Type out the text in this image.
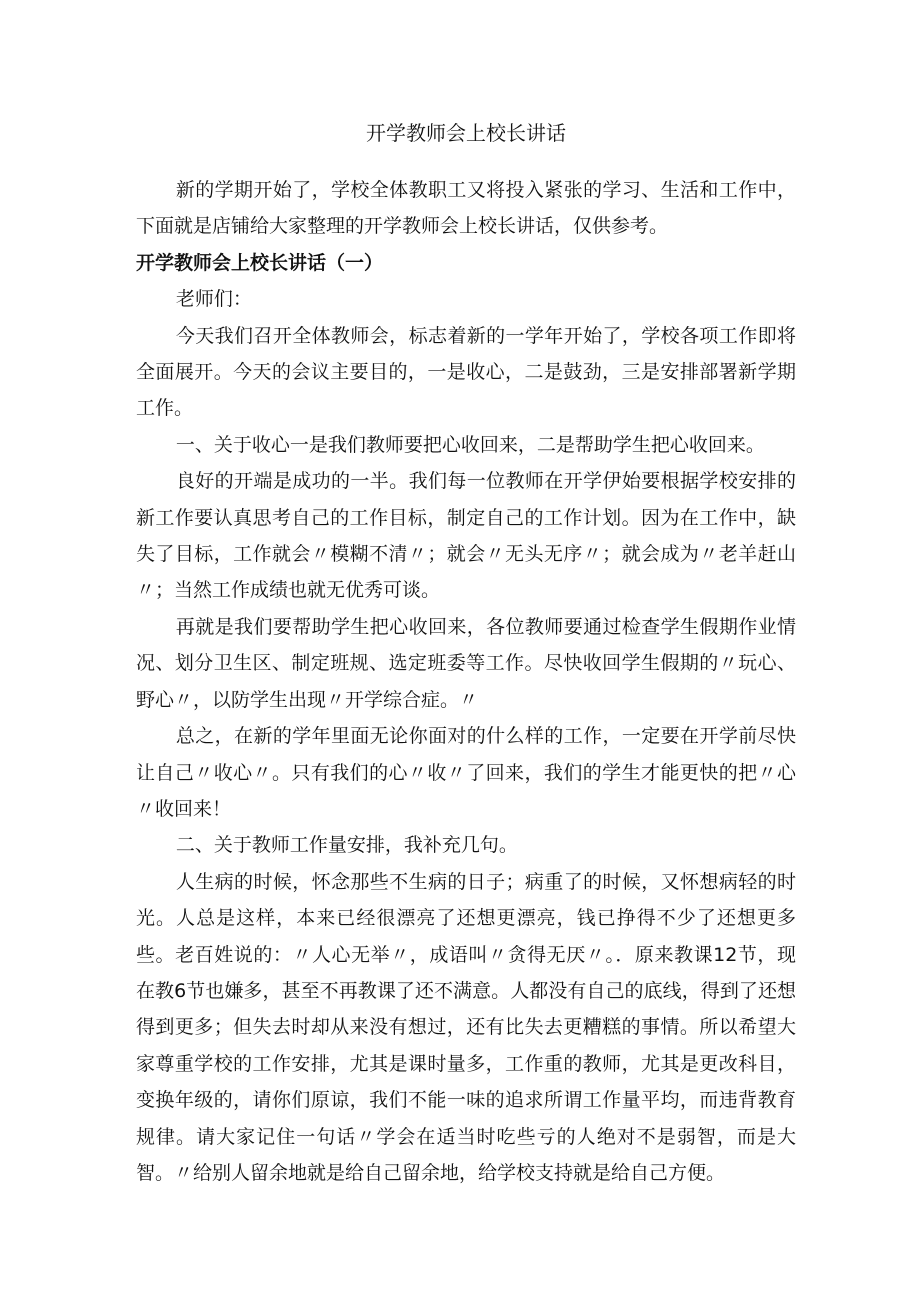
开学教师会上校长讲话

新的学期开始了，学校全体教职工又将投入紧张的学习、生活和工作中，下面就是店铺给大家整理的开学教师会上校长讲话，仅供参考。

开学教师会上校长讲话（一）

老师们：

今天我们召开全体教师会，标志着新的一学年开始了，学校各项工作即将全面展开。今天的会议主要目的，一是收心，二是鼓劲，三是安排部署新学期工作。

一、关于收心一是我们教师要把心收回来，二是帮助学生把心收回来。

良好的开端是成功的一半。我们每一位教师在开学伊始要根据学校安排的新工作要认真思考自己的工作目标，制定自己的工作计划。因为在工作中，缺失了目标，工作就会〃模糊不清〃；就会〃无头无序〃；就会成为〃老羊赶山〃；当然工作成绩也就无优秀可谈。

再就是我们要帮助学生把心收回来，各位教师要通过检查学生假期作业情况、划分卫生区、制定班规、选定班委等工作。尽快收回学生假期的〃玩心、野心〃，以防学生出现〃开学综合症。〃

总之，在新的学年里面无论你面对的什么样的工作，一定要在开学前尽快让自己〃收心〃。只有我们的心〃收〃了回来，我们的学生才能更快的把〃心〃收回来！

二、关于教师工作量安排，我补充几句。

人生病的时候，怀念那些不生病的日子；病重了的时候，又怀想病轻的时光。人总是这样，本来已经很漂亮了还想更漂亮，钱已挣得不少了还想更多些。老百姓说的：〃人心无举〃，成语叫〃贪得无厌〃。．原来教课12节，现在教6节也嫌多，甚至不再教课了还不满意。人都没有自己的底线，得到了还想得到更多；但失去时却从来没有想过，还有比失去更糟糕的事情。所以希望大家尊重学校的工作安排，尤其是课时量多，工作重的教师，尤其是更改科目，变换年级的，请你们原谅，我们不能一味的追求所谓工作量平均，而违背教育规律。请大家记住一句话〃学会在适当时吃些亏的人绝对不是弱智，而是大智。〃给别人留余地就是给自己留余地，给学校支持就是给自己方便。
